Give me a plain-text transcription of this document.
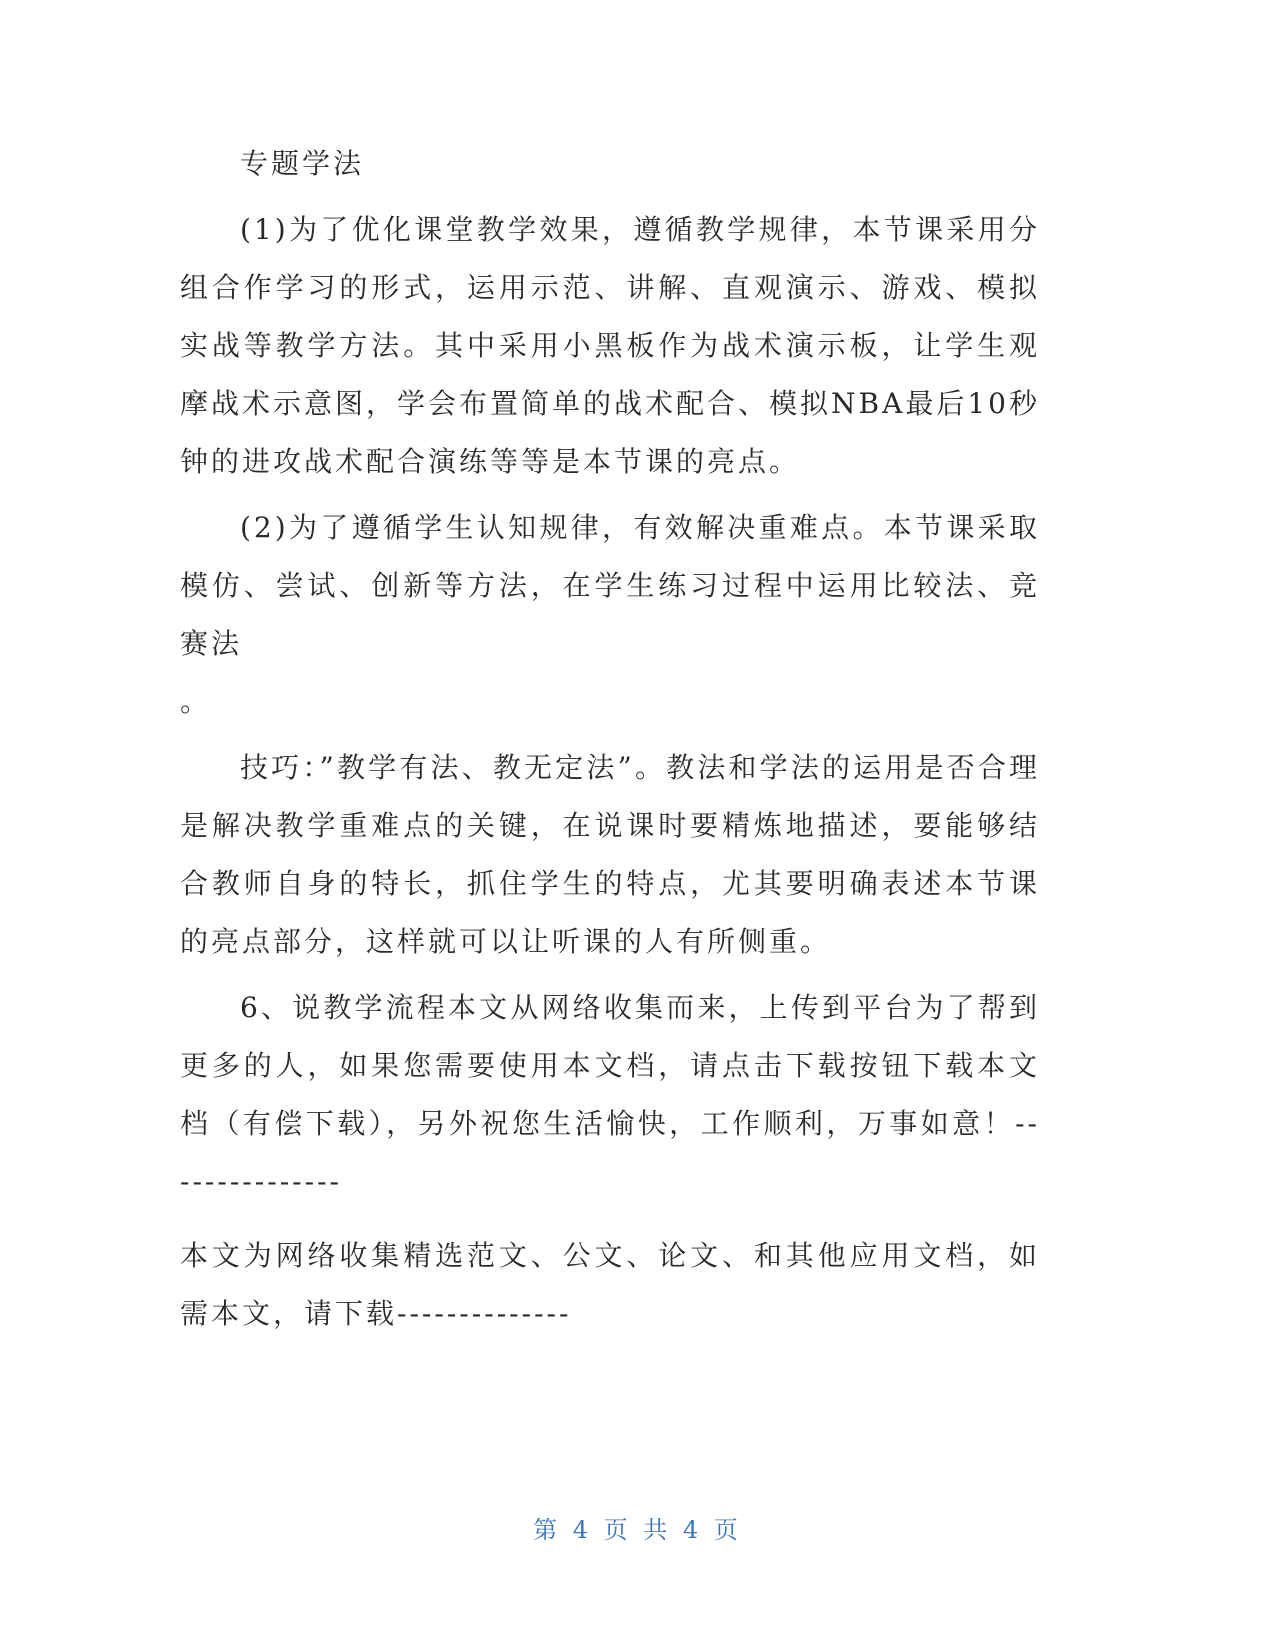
专题学法

(1)为了优化课堂教学效果，遵循教学规律，本节课采用分组合作学习的形式，运用示范、讲解、直观演示、游戏、模拟实战等教学方法。其中采用小黑板作为战术演示板，让学生观摩战术示意图，学会布置简单的战术配合、模拟NBA最后10秒钟的进攻战术配合演练等等是本节课的亮点。

(2)为了遵循学生认知规律，有效解决重难点。本节课采取模仿、尝试、创新等方法，在学生练习过程中运用比较法、竞赛法

。

技巧：”教学有法、教无定法”。教法和学法的运用是否合理是解决教学重难点的关键，在说课时要精炼地描述，要能够结合教师自身的特长，抓住学生的特点，尤其要明确表述本节课的亮点部分，这样就可以让听课的人有所侧重。

6、说教学流程本文从网络收集而来，上传到平台为了帮到更多的人，如果您需要使用本文档，请点击下载按钮下载本文档（有偿下载），另外祝您生活愉快，工作顺利，万事如意！---------------

本文为网络收集精选范文、公文、论文、和其他应用文档，如需本文，请下载--------------

第 4 页 共 4 页
